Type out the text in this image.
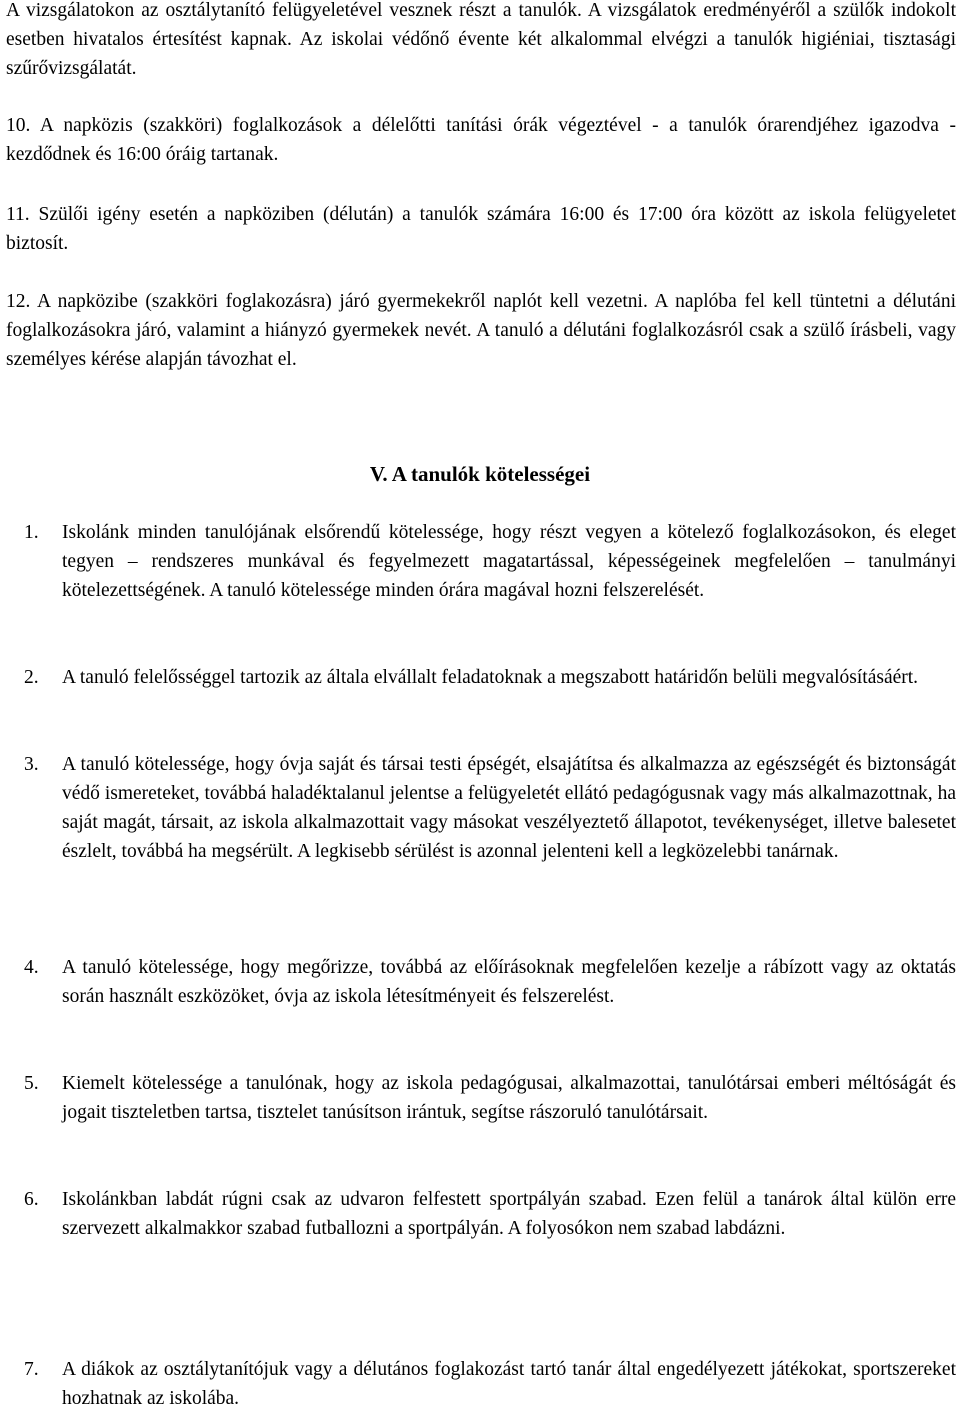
A vizsgálatokon az osztálytanító felügyeletével vesznek részt a tanulók. A vizsgálatok eredményéről a szülők indokolt esetben hivatalos értesítést kapnak. Az iskolai védőnő évente két alkalommal elvégzi a tanulók higiéniai, tisztasági szűrővizsgálatát.
10. A napközis (szakköri) foglalkozások a délelőtti tanítási órák végeztével - a tanulók órarendjéhez igazodva - kezdődnek és 16:00 óráig tartanak.
11. Szülői igény esetén a napköziben (délután) a tanulók számára 16:00 és 17:00 óra között az iskola felügyeletet biztosít.
12. A napközibe (szakköri foglakozásra) járó gyermekekről naplót kell vezetni. A naplóba fel kell tüntetni a délutáni foglalkozásokra járó, valamint a hiányzó gyermekek nevét. A tanuló a délutáni foglalkozásról csak a szülő írásbeli, vagy személyes kérése alapján távozhat el.
V. A tanulók kötelességei
1.	Iskolánk minden tanulójának elsőrendű kötelessége, hogy részt vegyen a kötelező foglalkozásokon, és eleget tegyen – rendszeres munkával és fegyelmezett magatartással, képességeinek megfelelően – tanulmányi kötelezettségének. A tanuló kötelessége minden órára magával hozni felszerelését.
2.	A tanuló felelősséggel tartozik az általa elvállalt feladatoknak a megszabott határidőn belüli megvalósításáért.
3.	A tanuló kötelessége, hogy óvja saját és társai testi épségét, elsajátítsa és alkalmazza az egészségét és biztonságát védő ismereteket, továbbá haladéktalanul jelentse a felügyeletét ellátó pedagógusnak vagy más alkalmazottnak, ha saját magát, társait, az iskola alkalmazottait vagy másokat veszélyeztető állapotot, tevékenységet, illetve balesetet észlelt, továbbá ha megsérült. A legkisebb sérülést is azonnal jelenteni kell a legközelebbi tanárnak.
4.	A tanuló kötelessége, hogy megőrizze, továbbá az előírásoknak megfelelően kezelje a rábízott vagy az oktatás során használt eszközöket, óvja az iskola létesítményeit és felszerelést.
5.	Kiemelt kötelessége a tanulónak, hogy az iskola pedagógusai, alkalmazottai, tanulótársai emberi méltóságát és jogait tiszteletben tartsa, tisztelet tanúsítson irántuk, segítse rászoruló tanulótársait.
6.	Iskolánkban labdát rúgni csak az udvaron felfestett sportpályán szabad. Ezen felül a tanárok által külön erre szervezett alkalmakkor szabad futballozni a sportpályán. A folyosókon nem szabad labdázni.
7.	A diákok az osztálytanítójuk vagy a délutános foglakozást tartó tanár által engedélyezett játékokat, sportszereket hozhatnak az iskolába.
